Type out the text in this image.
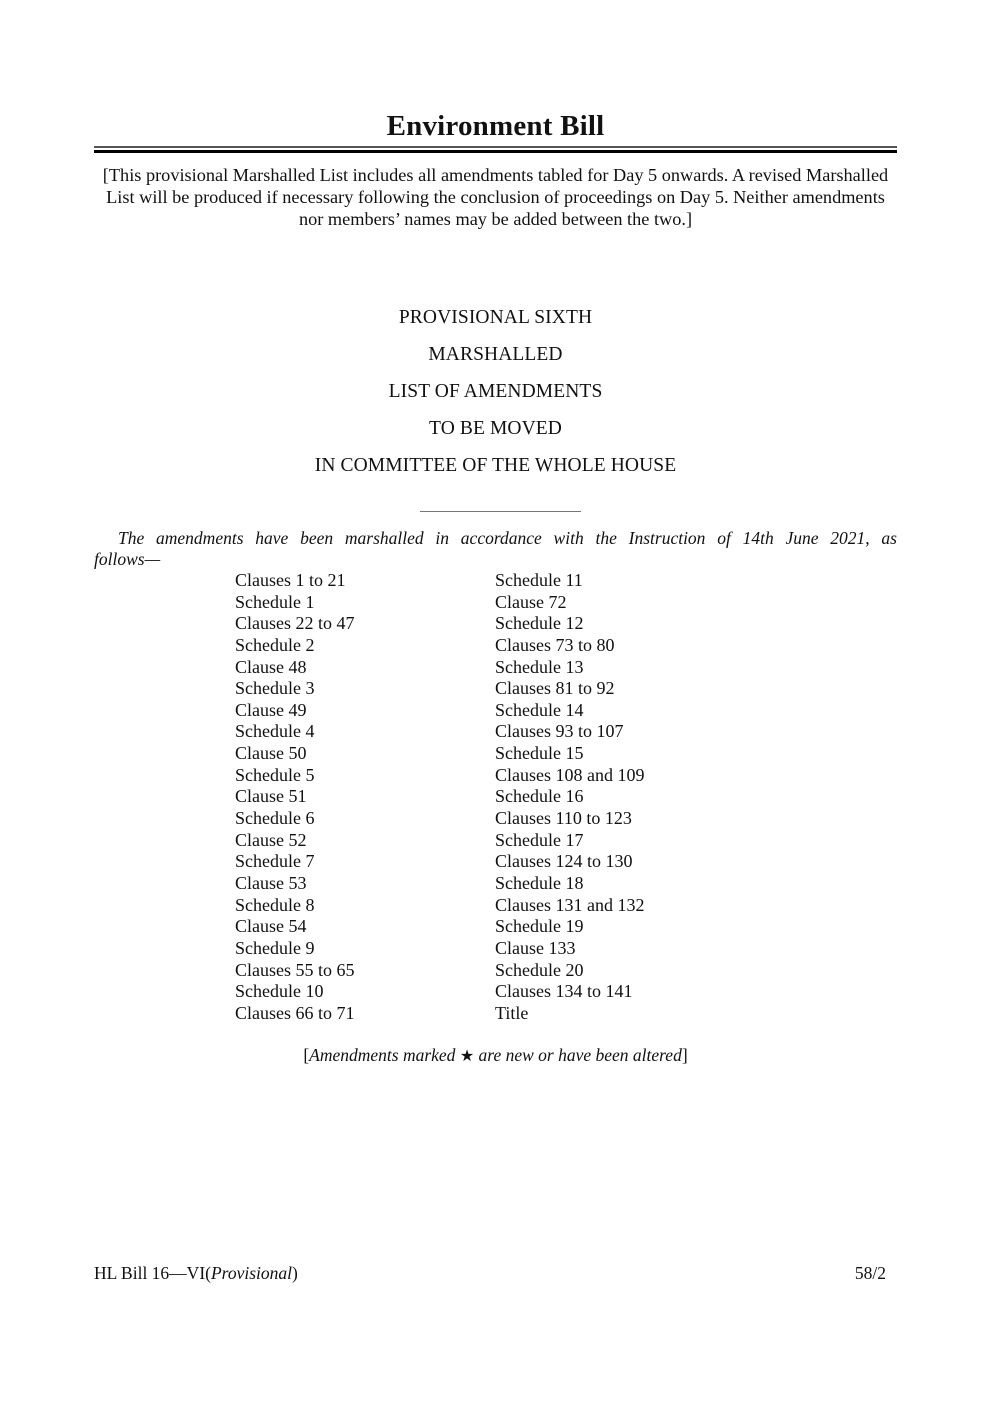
Environment Bill
[This provisional Marshalled List includes all amendments tabled for Day 5 onwards. A revised Marshalled List will be produced if necessary following the conclusion of proceedings on Day 5. Neither amendments nor members’ names may be added between the two.]
PROVISIONAL SIXTH
MARSHALLED
LIST OF AMENDMENTS
TO BE MOVED
IN COMMITTEE OF THE WHOLE HOUSE
The amendments have been marshalled in accordance with the Instruction of 14th June 2021, as
follows—
Clauses 1 to 21
Schedule 1
Clauses 22 to 47
Schedule 2
Clause 48
Schedule 3
Clause 49
Schedule 4
Clause 50
Schedule 5
Clause 51
Schedule 6
Clause 52
Schedule 7
Clause 53
Schedule 8
Clause 54
Schedule 9
Clauses 55 to 65
Schedule 10
Clauses 66 to 71
Schedule 11
Clause 72
Schedule 12
Clauses 73 to 80
Schedule 13
Clauses 81 to 92
Schedule 14
Clauses 93 to 107
Schedule 15
Clauses 108 and 109
Schedule 16
Clauses 110 to 123
Schedule 17
Clauses 124 to 130
Schedule 18
Clauses 131 and 132
Schedule 19
Clause 133
Schedule 20
Clauses 134 to 141
Title
[Amendments marked ★ are new or have been altered]
HL Bill 16—VI(Provisional)	58/2
